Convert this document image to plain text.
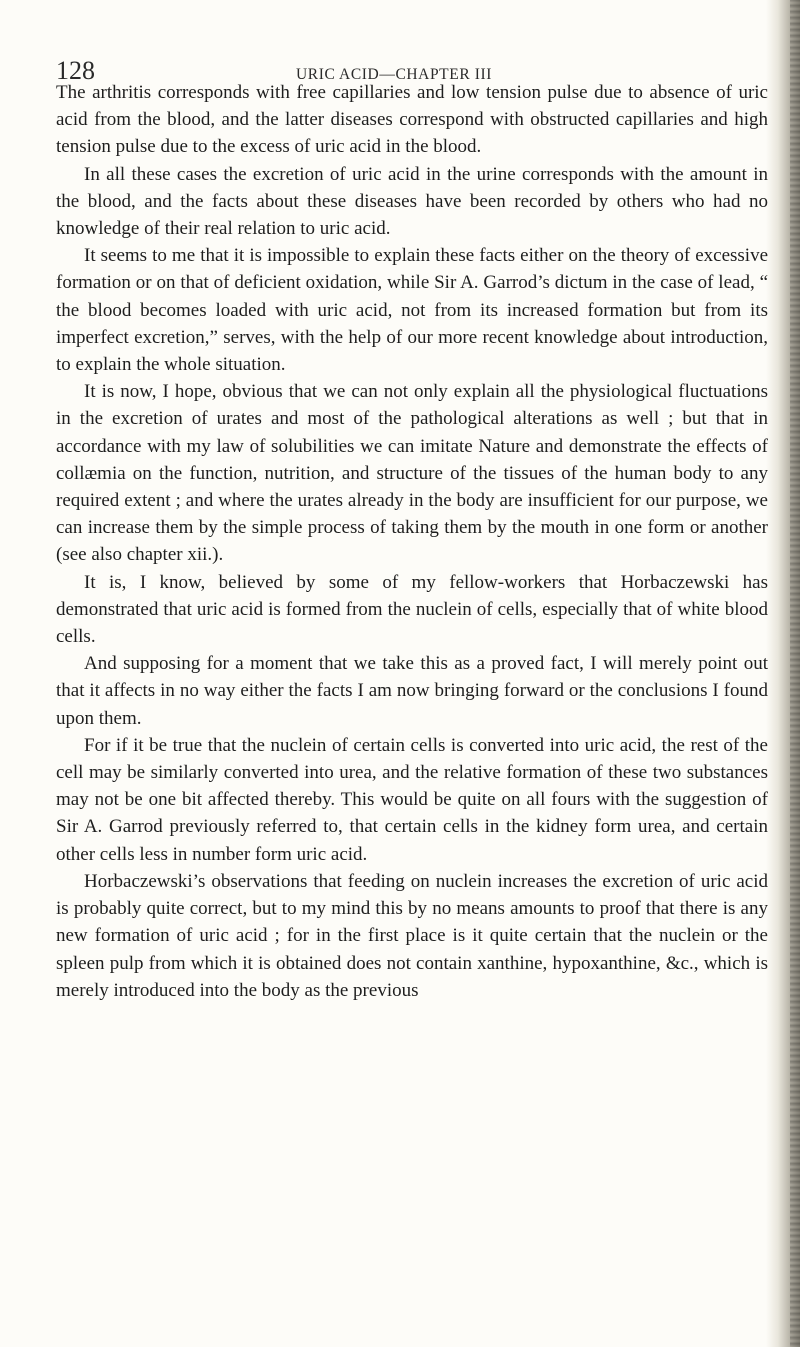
128	URIC ACID—CHAPTER III

The arthritis corresponds with free capillaries and low tension pulse due to absence of uric acid from the blood, and the latter diseases correspond with obstructed capillaries and high tension pulse due to the excess of uric acid in the blood.

In all these cases the excretion of uric acid in the urine corresponds with the amount in the blood, and the facts about these diseases have been recorded by others who had no knowledge of their real relation to uric acid.

It seems to me that it is impossible to explain these facts either on the theory of excessive formation or on that of deficient oxidation, while Sir A. Garrod’s dictum in the case of lead, “ the blood becomes loaded with uric acid, not from its increased formation but from its imperfect excretion,” serves, with the help of our more recent knowledge about introduction, to explain the whole situation.

It is now, I hope, obvious that we can not only explain all the physiological fluctuations in the excretion of urates and most of the pathological alterations as well ; but that in accordance with my law of solubilities we can imitate Nature and demonstrate the effects of collæmia on the function, nutrition, and structure of the tissues of the human body to any required extent ; and where the urates already in the body are insufficient for our purpose, we can increase them by the simple process of taking them by the mouth in one form or another (see also chapter xii.).

It is, I know, believed by some of my fellow-workers that Horbaczewski has demonstrated that uric acid is formed from the nuclein of cells, especially that of white blood cells.

And supposing for a moment that we take this as a proved fact, I will merely point out that it affects in no way either the facts I am now bringing forward or the conclusions I found upon them.

For if it be true that the nuclein of certain cells is converted into uric acid, the rest of the cell may be similarly converted into urea, and the relative formation of these two substances may not be one bit affected thereby. This would be quite on all fours with the suggestion of Sir A. Garrod previously referred to, that certain cells in the kidney form urea, and certain other cells less in number form uric acid.

Horbaczewski’s observations that feeding on nuclein increases the excretion of uric acid is probably quite correct, but to my mind this by no means amounts to proof that there is any new formation of uric acid ; for in the first place is it quite certain that the nuclein or the spleen pulp from which it is obtained does not contain xanthine, hypoxanthine, &c., which is merely introduced into the body as the previous
